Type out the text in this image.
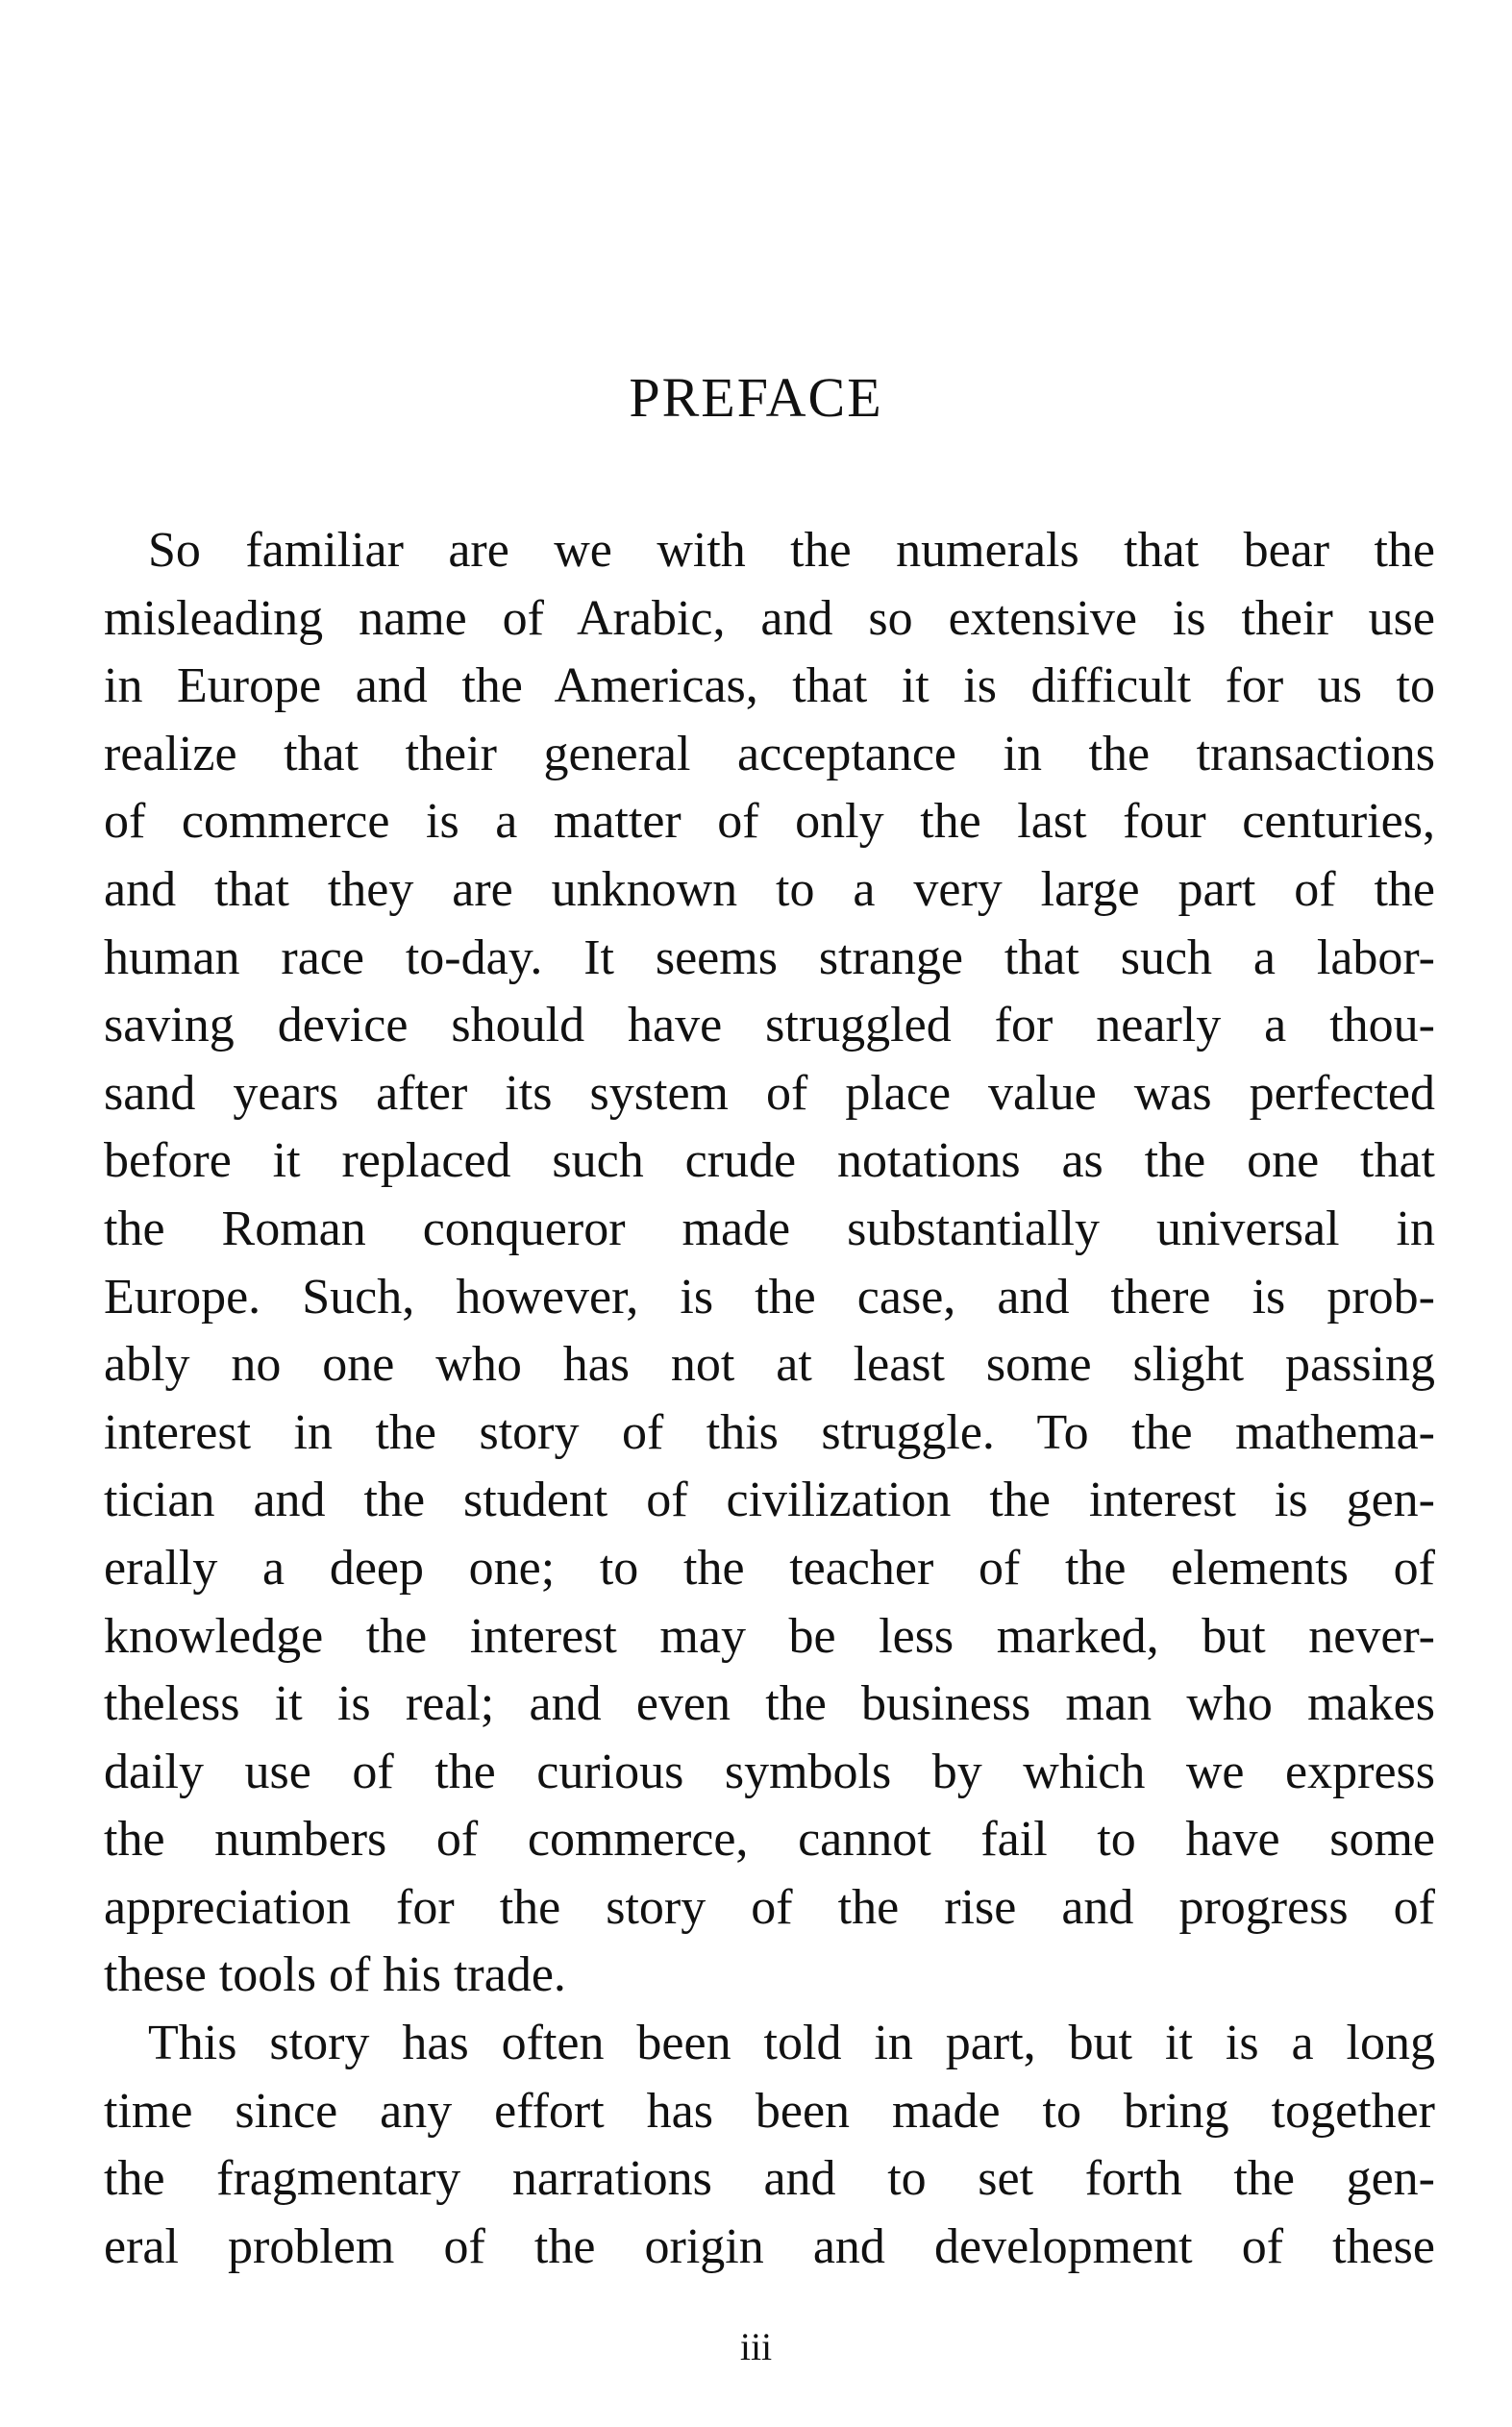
PREFACE
So familiar are we with the numerals that bear the
misleading name of Arabic, and so extensive is their use
in Europe and the Americas, that it is difficult for us to
realize that their general acceptance in the transactions
of commerce is a matter of only the last four centuries,
and that they are unknown to a very large part of the
human race to-day. It seems strange that such a labor-
saving device should have struggled for nearly a thou-
sand years after its system of place value was perfected
before it replaced such crude notations as the one that
the Roman conqueror made substantially universal in
Europe. Such, however, is the case, and there is prob-
ably no one who has not at least some slight passing
interest in the story of this struggle. To the mathema-
tician and the student of civilization the interest is gen-
erally a deep one; to the teacher of the elements of
knowledge the interest may be less marked, but never-
theless it is real; and even the business man who makes
daily use of the curious symbols by which we express
the numbers of commerce, cannot fail to have some
appreciation for the story of the rise and progress of
these tools of his trade.
This story has often been told in part, but it is a long
time since any effort has been made to bring together
the fragmentary narrations and to set forth the gen-
eral problem of the origin and development of these
iii
